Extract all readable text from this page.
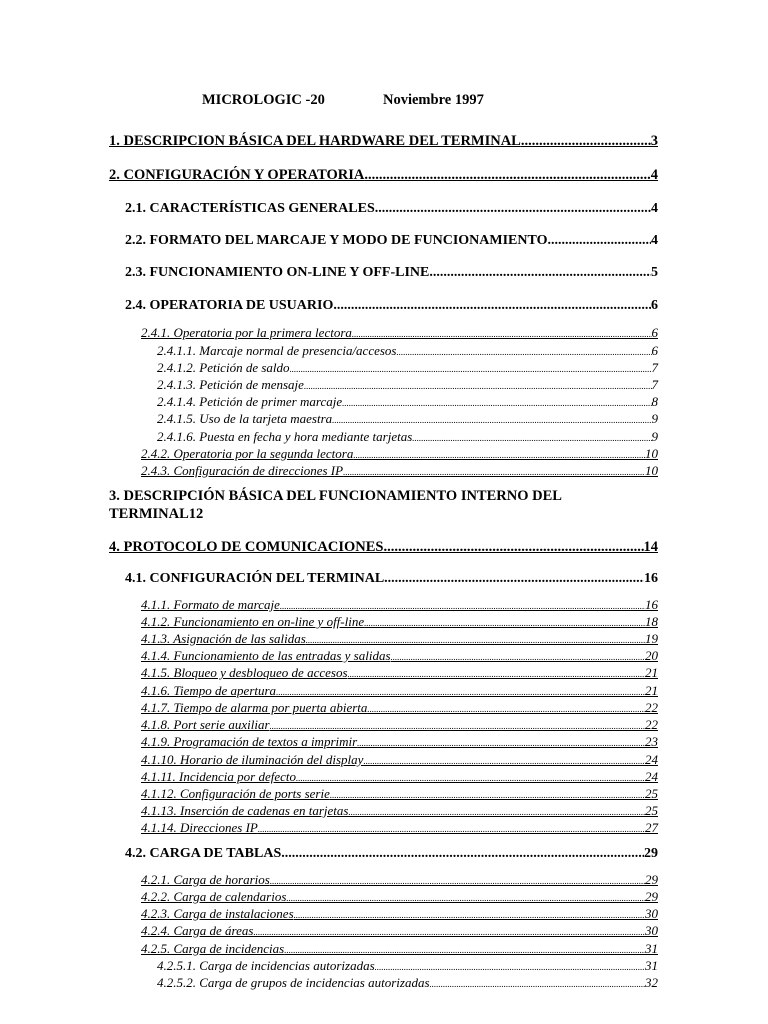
MICROLOGIC -20	Noviembre 1997
1. DESCRIPCION BÁSICA DEL HARDWARE DEL TERMINAL .....	3
2. CONFIGURACIÓN Y OPERATORIA .....	4
2.1. CARACTERÍSTICAS GENERALES .....	4
2.2. FORMATO DEL MARCAJE Y MODO DE FUNCIONAMIENTO .....	4
2.3. FUNCIONAMIENTO ON-LINE Y OFF-LINE .....	5
2.4. OPERATORIA DE USUARIO .....	6
2.4.1. Operatoria por la primera lectora .....	6
2.4.1.1. Marcaje normal de presencia/accesos .....	6
2.4.1.2. Petición de saldo .....	7
2.4.1.3. Petición de mensaje .....	7
2.4.1.4. Petición de primer marcaje .....	8
2.4.1.5. Uso de la tarjeta maestra .....	9
2.4.1.6. Puesta en fecha y hora mediante tarjetas .....	9
2.4.2. Operatoria por la segunda lectora .....	10
2.4.3. Configuración de direcciones IP .....	10
3. DESCRIPCIÓN BÁSICA DEL FUNCIONAMIENTO INTERNO DEL
TERMINAL 12
4. PROTOCOLO DE COMUNICACIONES .....	14
4.1. CONFIGURACIÓN DEL TERMINAL .....	16
4.1.1. Formato de marcaje .....	16
4.1.2. Funcionamiento en on-line y off-line .....	18
4.1.3. Asignación de las salidas .....	19
4.1.4. Funcionamiento de las entradas y salidas .....	20
4.1.5. Bloqueo y desbloqueo de accesos .....	21
4.1.6. Tiempo de apertura .....	21
4.1.7. Tiempo de alarma por puerta abierta .....	22
4.1.8. Port serie auxiliar .....	22
4.1.9. Programación de textos a imprimir .....	23
4.1.10. Horario de iluminación del display .....	24
4.1.11. Incidencia por defecto .....	24
4.1.12. Configuración de ports serie .....	25
4.1.13. Inserción de cadenas en tarjetas .....	25
4.1.14. Direcciones IP .....	27
4.2. CARGA DE TABLAS .....	29
4.2.1. Carga de horarios .....	29
4.2.2. Carga de calendarios .....	29
4.2.3. Carga de instalaciones .....	30
4.2.4. Carga de áreas .....	30
4.2.5. Carga de incidencias .....	31
4.2.5.1. Carga de incidencias autorizadas .....	31
4.2.5.2. Carga de grupos de incidencias autorizadas .....	32
